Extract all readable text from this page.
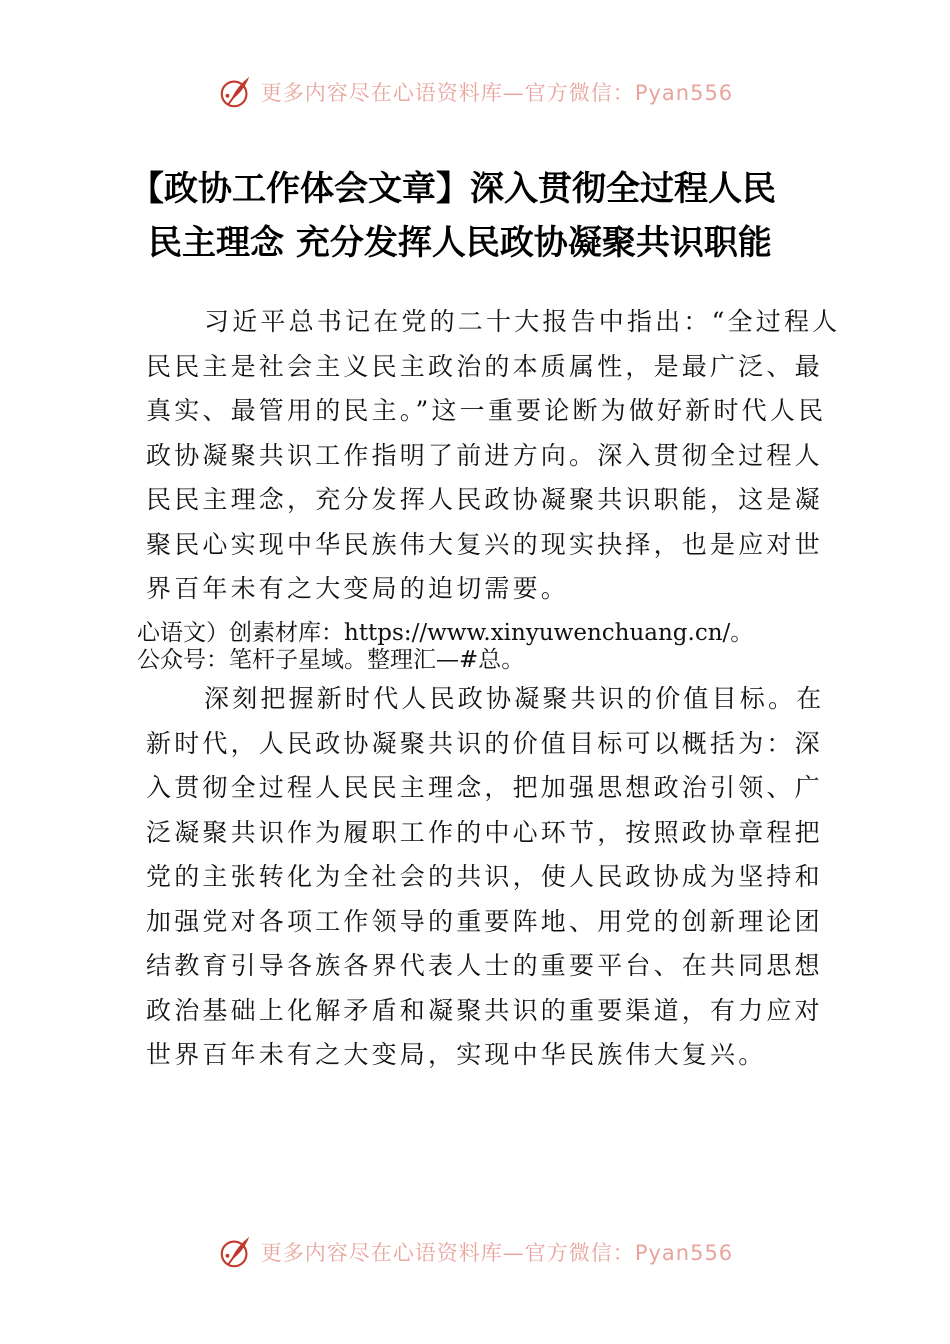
更多内容尽在心语资料库—官方微信：Pyan556
【政协工作体会文章】深入贯彻全过程人民
民主理念 充分发挥人民政协凝聚共识职能
习近平总书记在党的二十大报告中指出：“全过程人
民民主是社会主义民主政治的本质属性，是最广泛、最
真实、最管用的民主。”这一重要论断为做好新时代人民
政协凝聚共识工作指明了前进方向。深入贯彻全过程人
民民主理念，充分发挥人民政协凝聚共识职能，这是凝
聚民心实现中华民族伟大复兴的现实抉择，也是应对世
界百年未有之大变局的迫切需要。
心语文）创素材库：https://www.xinyuwenchuang.cn/。
公众号：笔杆子星域。整理汇—#总。
深刻把握新时代人民政协凝聚共识的价值目标。在
新时代，人民政协凝聚共识的价值目标可以概括为：深
入贯彻全过程人民民主理念，把加强思想政治引领、广
泛凝聚共识作为履职工作的中心环节，按照政协章程把
党的主张转化为全社会的共识，使人民政协成为坚持和
加强党对各项工作领导的重要阵地、用党的创新理论团
结教育引导各族各界代表人士的重要平台、在共同思想
政治基础上化解矛盾和凝聚共识的重要渠道，有力应对
世界百年未有之大变局，实现中华民族伟大复兴。
更多内容尽在心语资料库—官方微信：Pyan556
